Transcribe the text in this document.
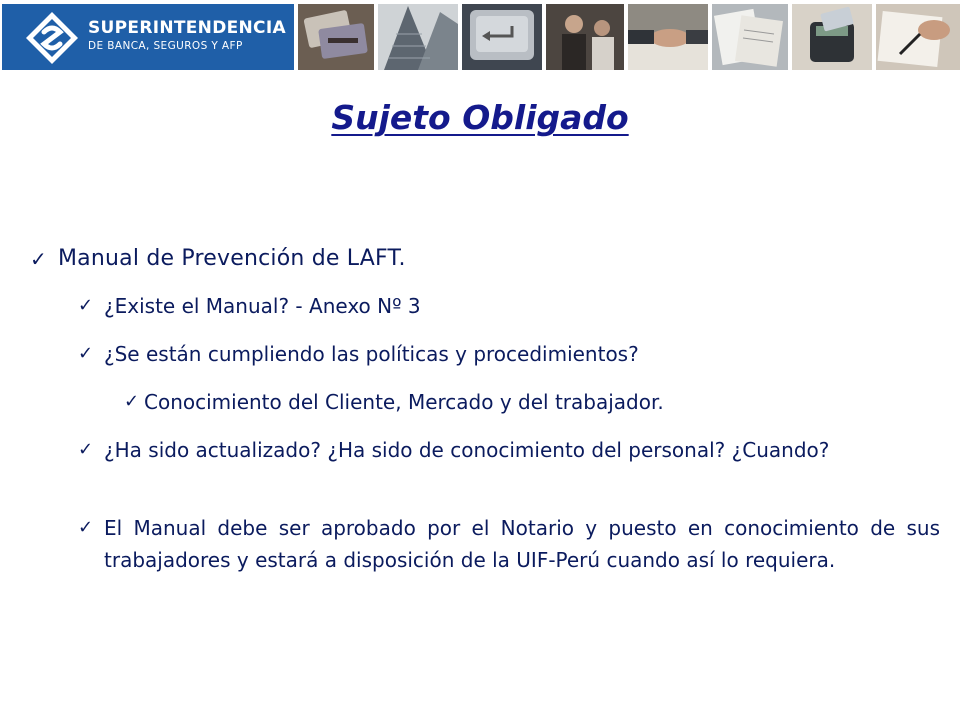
SUPERINTENDENCIA
DE BANCA, SEGUROS Y AFP
Sujeto Obligado
✓ Manual de Prevención de LAFT.
✓ ¿Existe el Manual? - Anexo Nº 3
✓ ¿Se están cumpliendo las políticas y procedimientos?
✓ Conocimiento del Cliente, Mercado y del trabajador.
✓ ¿Ha sido actualizado? ¿Ha sido de conocimiento del personal? ¿Cuando?
✓ El Manual debe ser aprobado por el Notario y puesto en conocimiento de sus trabajadores y estará a disposición de la UIF-Perú cuando así lo requiera.
